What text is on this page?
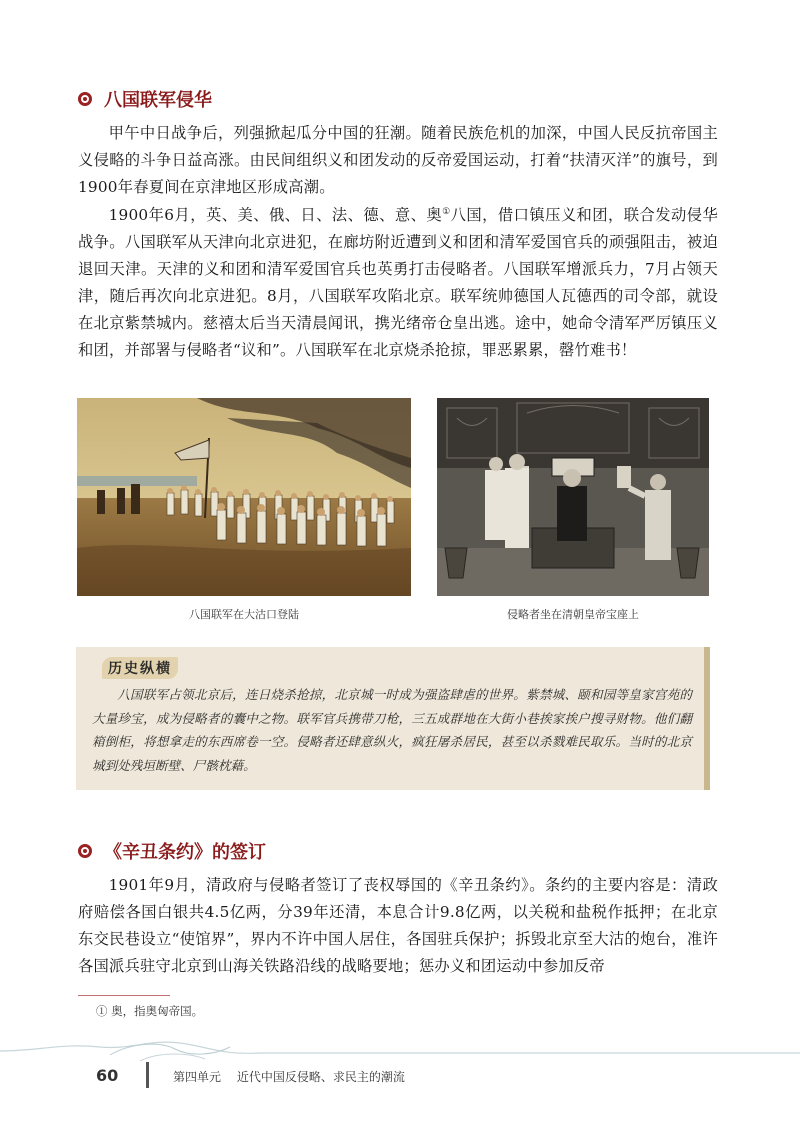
八国联军侵华

甲午中日战争后，列强掀起瓜分中国的狂潮。随着民族危机的加深，中国人民反抗帝国主义侵略的斗争日益高涨。由民间组织义和团发动的反帝爱国运动，打着“扶清灭洋”的旗号，到1900年春夏间在京津地区形成高潮。

1900年6月，英、美、俄、日、法、德、意、奥①八国，借口镇压义和团，联合发动侵华战争。八国联军从天津向北京进犯，在廊坊附近遭到义和团和清军爱国官兵的顽强阻击，被迫退回天津。天津的义和团和清军爱国官兵也英勇打击侵略者。八国联军增派兵力，7月占领天津，随后再次向北京进犯。8月，八国联军攻陷北京。联军统帅德国人瓦德西的司令部，就设在北京紫禁城内。慈禧太后当天清晨闻讯，携光绪帝仓皇出逃。途中，她命令清军严厉镇压义和团，并部署与侵略者“议和”。八国联军在北京烧杀抢掠，罪恶累累，罄竹难书！

八国联军在大沽口登陆	侵略者坐在清朝皇帝宝座上
历史纵横

八国联军占领北京后，连日烧杀抢掠，北京城一时成为强盗肆虐的世界。紫禁城、颐和园等皇家宫苑的大量珍宝，成为侵略者的囊中之物。联军官兵携带刀枪，三五成群地在大街小巷挨家挨户搜寻财物。他们翻箱倒柜，将想拿走的东西席卷一空。侵略者还肆意纵火，疯狂屠杀居民，甚至以杀戮难民取乐。当时的北京城到处残垣断壁、尸骸枕藉。

《辛丑条约》的签订

1901年9月，清政府与侵略者签订了丧权辱国的《辛丑条约》。条约的主要内容是：清政府赔偿各国白银共4.5亿两，分39年还清，本息合计9.8亿两，以关税和盐税作抵押；在北京东交民巷设立“使馆界”，界内不许中国人居住，各国驻兵保护；拆毁北京至大沽的炮台，准许各国派兵驻守北京到山海关铁路沿线的战略要地；惩办义和团运动中参加反帝

① 奥，指奥匈帝国。
60	第四单元 近代中国反侵略、求民主的潮流
